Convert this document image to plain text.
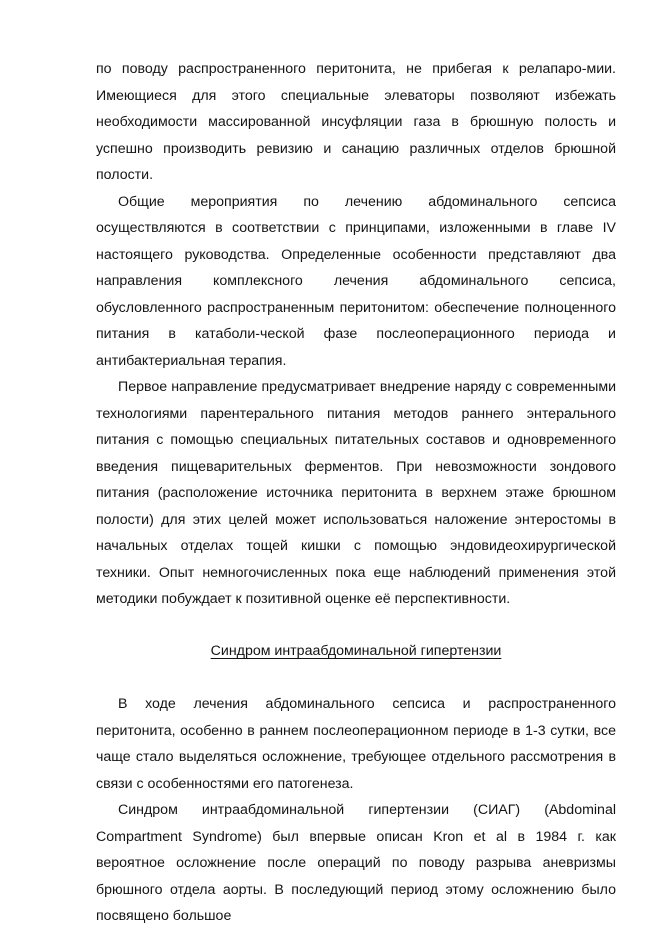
по поводу распространенного перитонита, не прибегая к релапаро-мии. Имеющиеся для этого специальные элеваторы позволяют избежать необходимости массированной инсуфляции газа в брюшную полость и успешно производить ревизию и санацию различных отделов брюшной полости.

Общие мероприятия по лечению абдоминального сепсиса осуществляются в соответствии с принципами, изложенными в главе IV настоящего руководства. Определенные особенности представляют два направления комплексного лечения абдоминального сепсиса, обусловленного распространенным перитонитом: обеспечение полноценного питания в катаболи-ческой фазе послеоперационного периода и антибактериальная терапия.

Первое направление предусматривает внедрение наряду с современными технологиями парентерального питания методов раннего энтерального питания с помощью специальных питательных составов и одновременного введения пищеварительных ферментов. При невозможности зондового питания (расположение источника перитонита в верхнем этаже брюшном полости) для этих целей может использоваться наложение энтеростомы в начальных отделах тощей кишки с помощью эндовидеохирургической техники. Опыт немногочисленных пока еще наблюдений применения этой методики побуждает к позитивной оценке её перспективности.

Синдром интраабдоминальной гипертензии

В ходе лечения абдоминального сепсиса и распространенного перитонита, особенно в раннем послеоперационном периоде в 1-3 сутки, все чаще стало выделяться осложнение, требующее отдельного рассмотрения в связи с особенностями его патогенеза.

Синдром интраабдоминальной гипертензии (СИАГ) (Abdominal Compartment Syndrome) был впервые описан Kron et al в 1984 г. как вероятное осложнение после операций по поводу разрыва аневризмы брюшного отдела аорты. В последующий период этому осложнению было посвящено большое
